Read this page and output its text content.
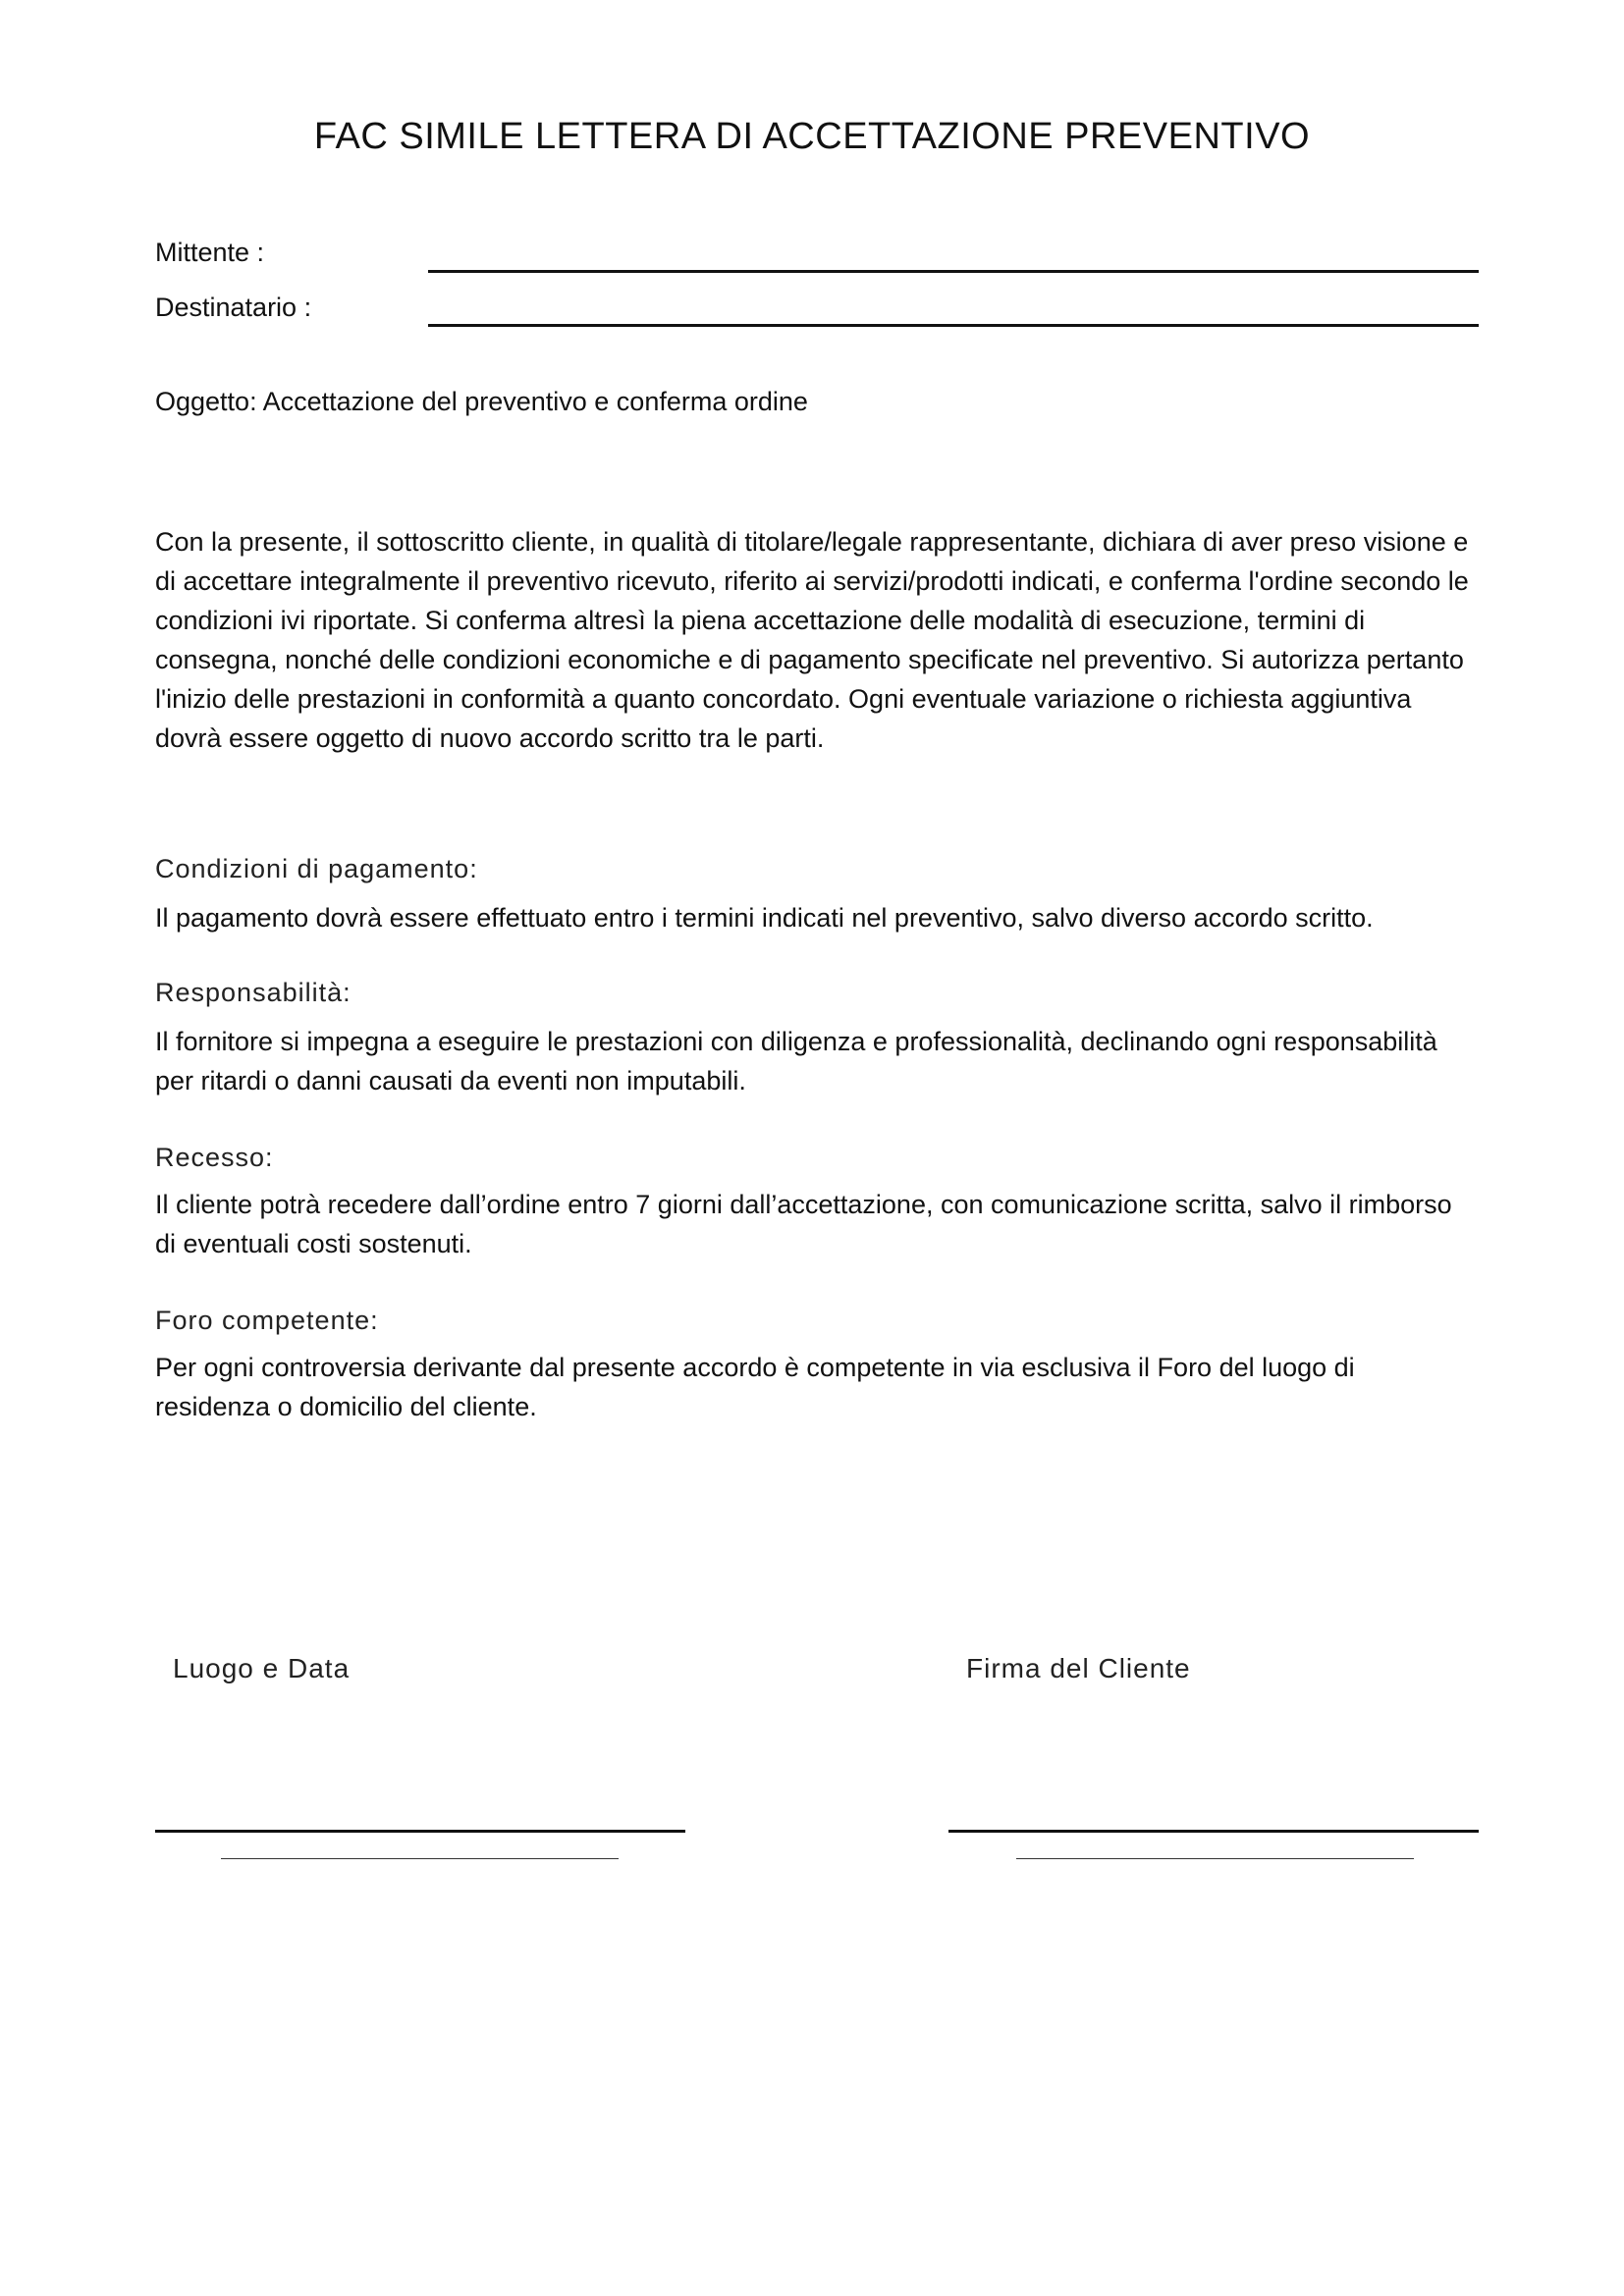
FAC SIMILE LETTERA DI ACCETTAZIONE PREVENTIVO
Mittente :
Destinatario :
Oggetto: Accettazione del preventivo e conferma ordine

Con la presente, il sottoscritto cliente, in qualità di titolare/legale rappresentante, dichiara di aver preso visione e di accettare integralmente il preventivo ricevuto, riferito ai servizi/prodotti indicati, e conferma l'ordine secondo le condizioni ivi riportate. Si conferma altresì la piena accettazione delle modalità di esecuzione, termini di consegna, nonché delle condizioni economiche e di pagamento specificate nel preventivo. Si autorizza pertanto l'inizio delle prestazioni in conformità a quanto concordato. Ogni eventuale variazione o richiesta aggiuntiva dovrà essere oggetto di nuovo accordo scritto tra le parti.

Condizioni di pagamento:

Il pagamento dovrà essere effettuato entro i termini indicati nel preventivo, salvo diverso accordo scritto.

Responsabilità:

Il fornitore si impegna a eseguire le prestazioni con diligenza e professionalità, declinando ogni responsabilità per ritardi o danni causati da eventi non imputabili.

Recesso:

Il cliente potrà recedere dall’ordine entro 7 giorni dall’accettazione, con comunicazione scritta, salvo il rimborso di eventuali costi sostenuti.

Foro competente:

Per ogni controversia derivante dal presente accordo è competente in via esclusiva il Foro del luogo di residenza o domicilio del cliente.

Luogo e Data	Firma del Cliente
